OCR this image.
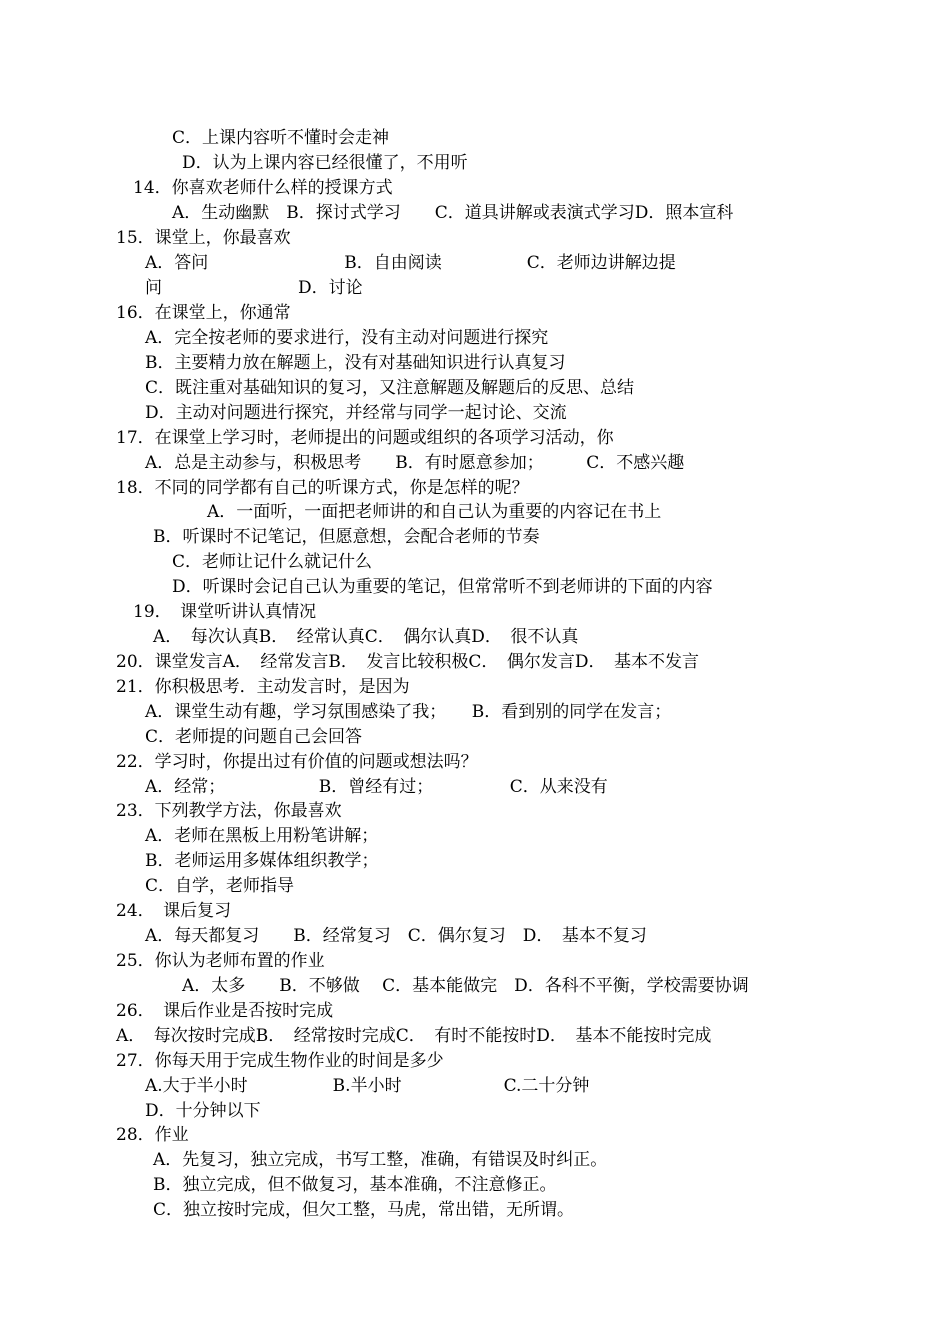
C．上课内容听不懂时会走神
D．认为上课内容已经很懂了，不用听
14．你喜欢老师什么样的授课方式
A．生动幽默　B．探讨式学习　　C．道具讲解或表演式学习D．照本宣科
15．课堂上，你最喜欢
A．答问　　　　　　　　B．自由阅读　　　　　C．老师边讲解边提
问　　　　　　　　D．讨论
16．在课堂上，你通常
A．完全按老师的要求进行，没有主动对问题进行探究
B．主要精力放在解题上，没有对基础知识进行认真复习
C．既注重对基础知识的复习，又注意解题及解题后的反思、总结
D．主动对问题进行探究，并经常与同学一起讨论、交流
17．在课堂上学习时，老师提出的问题或组织的各项学习活动，你
A．总是主动参与，积极思考　　B．有时愿意参加；　　　C．不感兴趣
18．不同的同学都有自己的听课方式，你是怎样的呢？
A．一面听，一面把老师讲的和自己认为重要的内容记在书上
B．听课时不记笔记，但愿意想，会配合老师的节奏
C．老师让记什么就记什么
D．听课时会记自己认为重要的笔记，但常常听不到老师讲的下面的内容
19．　课堂听讲认真情况
A．　每次认真B．　经常认真C．　偶尔认真D．　很不认真
20．课堂发言A．　经常发言B．　发言比较积极C．　偶尔发言D．　基本不发言
21．你积极思考．主动发言时，是因为
A．课堂生动有趣，学习氛围感染了我；　　B．看到别的同学在发言；
C．老师提的问题自己会回答
22．学习时，你提出过有价值的问题或想法吗？
A．经常；　　　　　　B．曾经有过；　　　　　C．从来没有
23．下列教学方法，你最喜欢
A．老师在黑板上用粉笔讲解；
B．老师运用多媒体组织教学；
C．自学，老师指导
24．　课后复习
A．每天都复习　　B．经常复习　C．偶尔复习　D．　基本不复习
25．你认为老师布置的作业
A．太多　　B．不够做　 C．基本能做完　D．各科不平衡，学校需要协调
26．　课后作业是否按时完成
A．　每次按时完成B．　经常按时完成C．　有时不能按时D．　基本不能按时完成
27．你每天用于完成生物作业的时间是多少
A.大于半小时　　　　　B.半小时　　　　　　C.二十分钟
D．十分钟以下
28．作业
A．先复习，独立完成，书写工整，准确，有错误及时纠正。
B．独立完成，但不做复习，基本准确，不注意修正。
C．独立按时完成，但欠工整，马虎，常出错，无所谓。
